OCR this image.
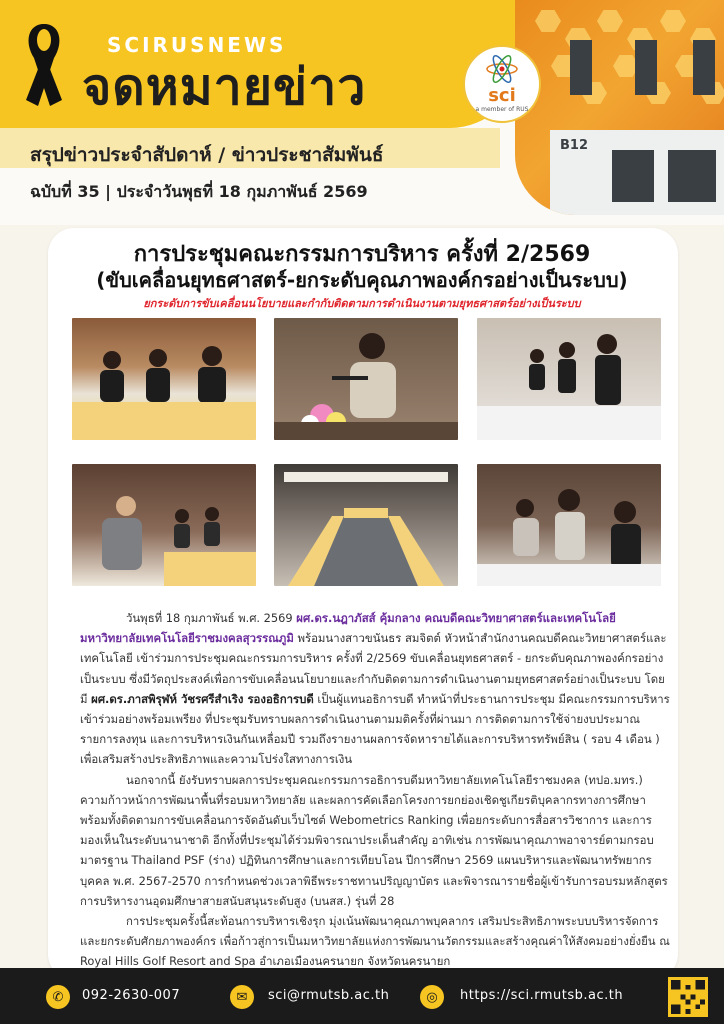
B12
SCIRUSNEWS
จดหมายข่าว	sci
a member of RUS
สรุปข่าวประจำสัปดาห์ / ข่าวประชาสัมพันธ์
ฉบับที่ 35 | ประจำวันพุธที่ 18 กุมภาพันธ์ 2569
การประชุมคณะกรรมการบริหาร ครั้งที่ 2/2569
(ขับเคลื่อนยุทธศาสตร์-ยกระดับคุณภาพองค์กรอย่างเป็นระบบ)
ยกระดับการขับเคลื่อนนโยบายและกำกับติดตามการดำเนินงานตามยุทธศาสตร์อย่างเป็นระบบ

วันพุธที่ 18 กุมภาพันธ์ พ.ศ. 2569 ผศ.ดร.นฎาภัสส์ คุ้มกลาง คณบดีคณะวิทยาศาสตร์และเทคโนโลยี มหาวิทยาลัยเทคโนโลยีราชมงคลสุวรรณภูมิ พร้อมนางสาวขนันธร สมจิตต์ หัวหน้าสำนักงานคณบดีคณะวิทยาศาสตร์และเทคโนโลยี เข้าร่วมการประชุมคณะกรรมการบริหาร ครั้งที่ 2/2569 ขับเคลื่อนยุทธศาสตร์ - ยกระดับคุณภาพองค์กรอย่างเป็นระบบ ซึ่งมีวัตถุประสงค์เพื่อการขับเคลื่อนนโยบายและกำกับติดตามการดำเนินงานตามยุทธศาสตร์อย่างเป็นระบบ โดยมี ผศ.ดร.ภาสพิรุฬห์ วัชรศรีสำเริง รองอธิการบดี เป็นผู้แทนอธิการบดี ทำหน้าที่ประธานการประชุม มีคณะกรรมการบริหารเข้าร่วมอย่างพร้อมเพรียง ที่ประชุมรับทราบผลการดำเนินงานตามมติครั้งที่ผ่านมา การติดตามการใช้จ่ายงบประมาณรายการลงทุน และการบริหารเงินกันเหลื่อมปี รวมถึงรายงานผลการจัดหารายได้และการบริหารทรัพย์สิน ( รอบ 4 เดือน ) เพื่อเสริมสร้างประสิทธิภาพและความโปร่งใสทางการเงิน

นอกจากนี้ ยังรับทราบผลการประชุมคณะกรรมการอธิการบดีมหาวิทยาลัยเทคโนโลยีราชมงคล (ทปอ.มทร.) ความก้าวหน้าการพัฒนาพื้นที่รอบมหาวิทยาลัย และผลการคัดเลือกโครงการยกย่องเชิดชูเกียรติบุคลากรทางการศึกษา พร้อมทั้งติดตามการขับเคลื่อนการจัดอันดับเว็บไซต์ Webometrics Ranking เพื่อยกระดับการสื่อสารวิชาการ และการมองเห็นในระดับนานาชาติ อีกทั้งที่ประชุมได้ร่วมพิจารณาประเด็นสำคัญ อาทิเช่น การพัฒนาคุณภาพอาจารย์ตามกรอบมาตรฐาน Thailand PSF (ร่าง) ปฏิทินการศึกษาและการเทียบโอน ปีการศึกษา 2569 แผนบริหารและพัฒนาทรัพยากรบุคคล พ.ศ. 2567-2570 การกำหนดช่วงเวลาพิธีพระราชทานปริญญาบัตร และพิจารณารายชื่อผู้เข้ารับการอบรมหลักสูตรการบริหารงานอุดมศึกษาสายสนับสนุนระดับสูง (บนสส.) รุ่นที่ 28

การประชุมครั้งนี้สะท้อนการบริหารเชิงรุก มุ่งเน้นพัฒนาคุณภาพบุคลากร เสริมประสิทธิภาพระบบบริหารจัดการ และยกระดับศักยภาพองค์กร เพื่อก้าวสู่การเป็นมหาวิทยาลัยแห่งการพัฒนานวัตกรรมและสร้างคุณค่าให้สังคมอย่างยั่งยืน ณ Royal Hills Golf Resort and Spa อำเภอเมืองนครนายก จังหวัดนครนายก

✆	092-2630-007	✉	sci@rmutsb.ac.th	◎	https://sci.rmutsb.ac.th
